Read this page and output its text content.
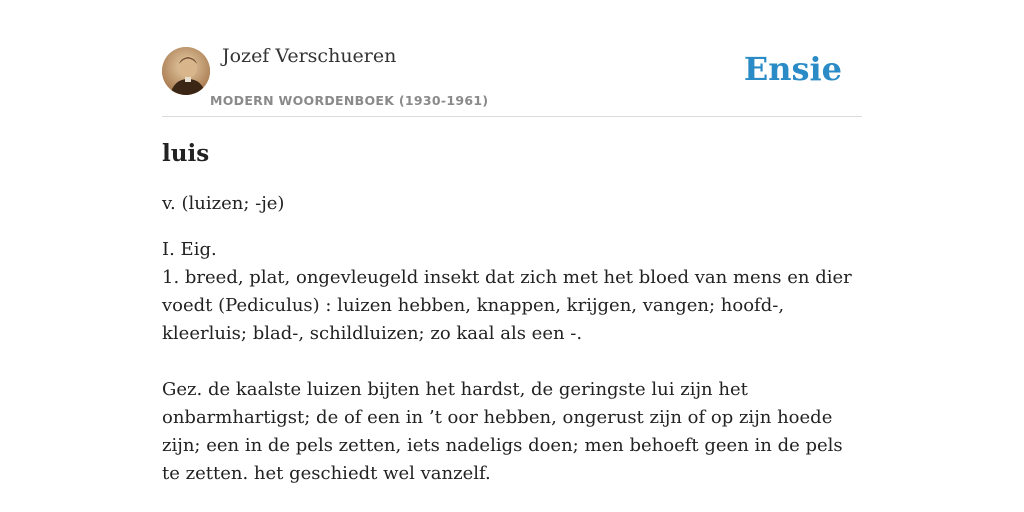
Jozef Verschueren
MODERN WOORDENBOEK (1930-1961)
Ensie
luis
v. (luizen; -je)

I. Eig.

1. breed, plat, ongevleugeld insekt dat zich met het bloed van mens en dier voedt (Pediculus) : luizen hebben, knappen, krijgen, vangen; hoofd-, kleerluis; blad-, schildluizen; zo kaal als een -.

Gez. de kaalste luizen bijten het hardst, de geringste lui zijn het onbarmhartigst; de of een in ’t oor hebben, ongerust zijn of op zijn hoede zijn; een in de pels zetten, iets nadeligs doen; men behoeft geen in de pels te zetten. het geschiedt wel vanzelf.
